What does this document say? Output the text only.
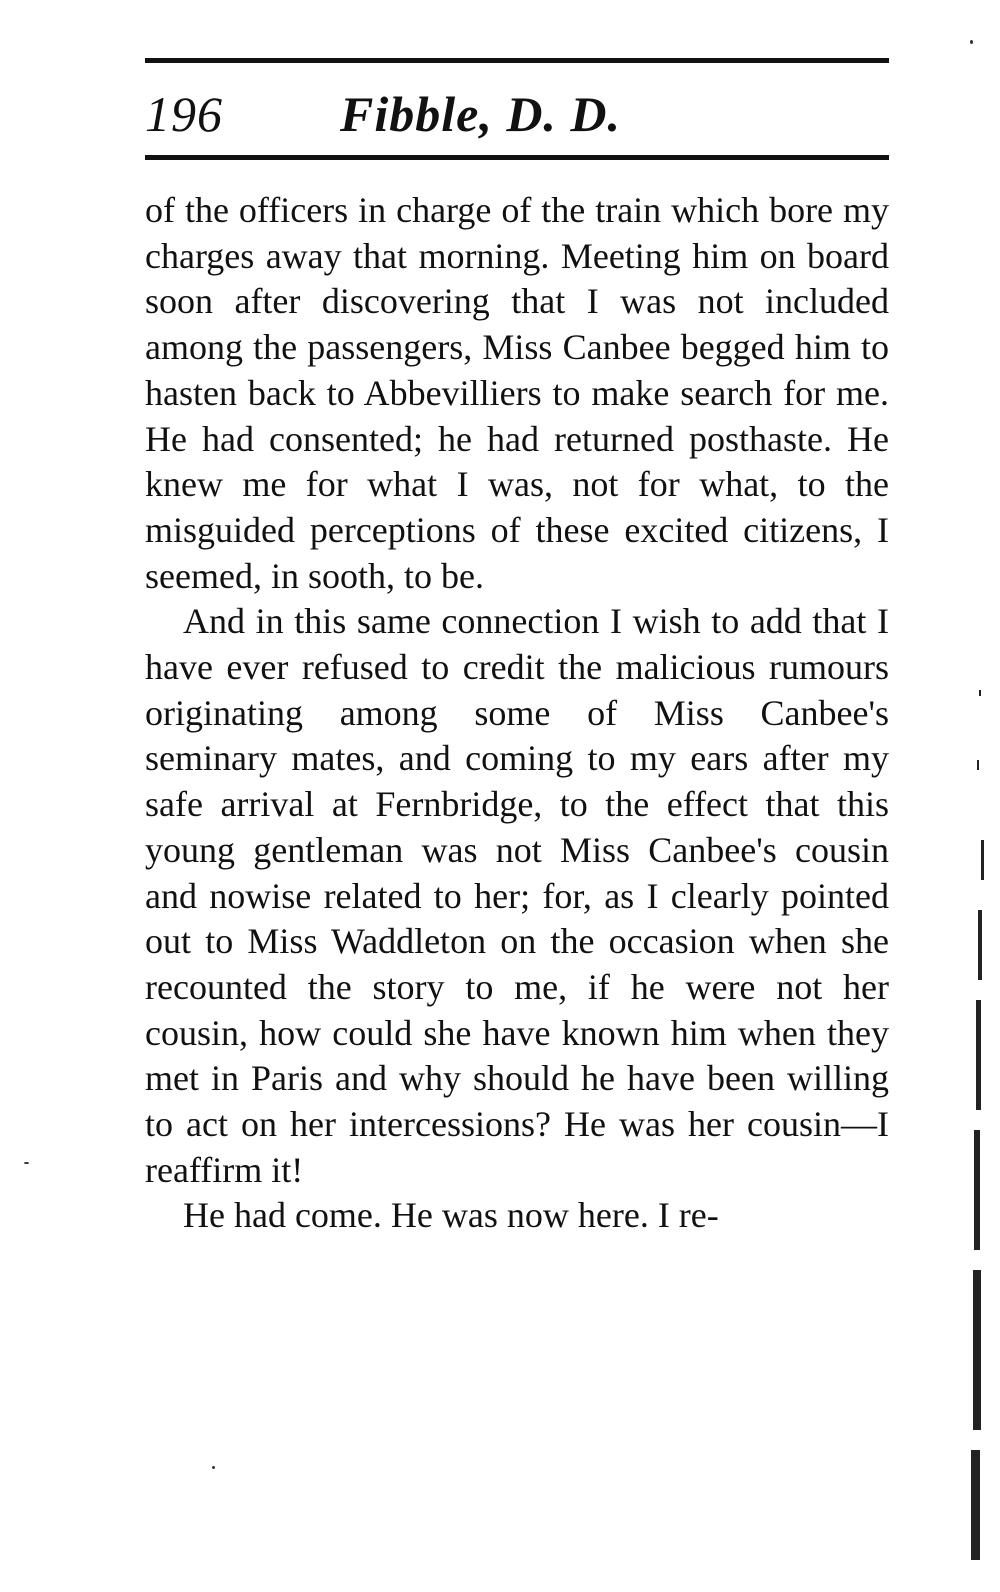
196 Fibble, D. D.

of the officers in charge of the train which bore my charges away that morning. Meeting him on board soon after discovering that I was not included among the passengers, Miss Canbee begged him to hasten back to Abbevilliers to make search for me. He had consented; he had returned posthaste. He knew me for what I was, not for what, to the misguided perceptions of these excited citizens, I seemed, in sooth, to be.

And in this same connection I wish to add that I have ever refused to credit the malicious rumours originating among some of Miss Canbee's seminary mates, and coming to my ears after my safe arrival at Fernbridge, to the effect that this young gentleman was not Miss Canbee's cousin and nowise related to her; for, as I clearly pointed out to Miss Waddleton on the occasion when she recounted the story to me, if he were not her cousin, how could she have known him when they met in Paris and why should he have been willing to act on her intercessions? He was her cousin—I reaffirm it!

He had come. He was now here. I re-
